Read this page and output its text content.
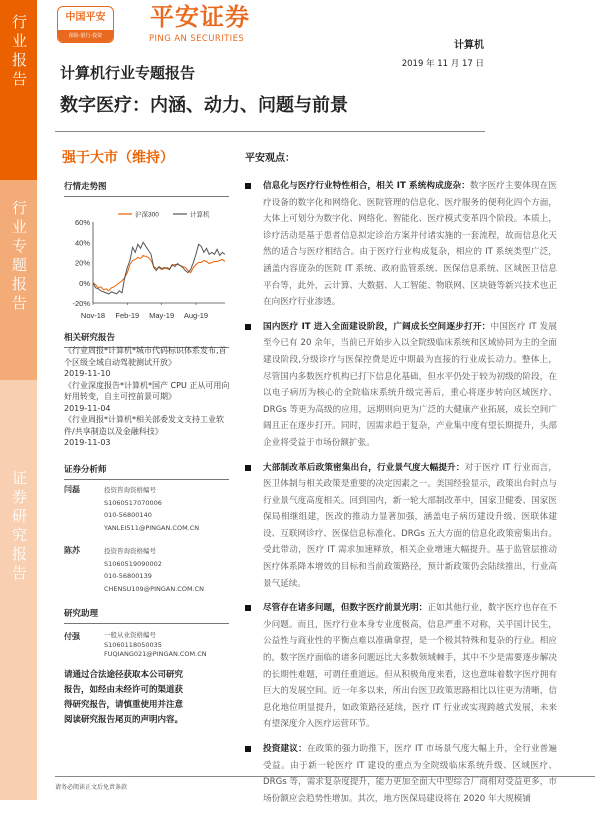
行业报告
行业专题报告
证券研究报告
中国平安
保险·银行·投资
平安证券
PING AN SECURITIES
计算机
2019 年 11 月 17 日
计算机行业专题报告
数字医疗：内涵、动力、问题与前景
强于大市（维持）
行情走势图
60%
40%
20%
0%
-20%
Nov-18 Feb-19 May-19 Aug-19
沪深300	计算机
相关研究报告
《行业周报*计算机*城市代码标识体系发布,首个区级全域自动驾驶测试开放》
2019-11-10
《行业深度报告*计算机*国产 CPU 正从可用向好用转变，自主可控前景可期》
2019-11-04
《行业周报*计算机*相关部委发文支持工业软件/共享制造以及金融科技》
2019-11-03
证券分析师
闫磊	投资咨询资格编号
S1060517070006
010-56800140
YANLEI511@PINGAN.COM.CN
陈苏	投资咨询资格编号
S1060519090002
010-56800139
CHENSU109@PINGAN.COM.CN
研究助理
付强	一般从业资格编号
S1060118050035
FUQIANG021@PINGAN.COM.CN
请通过合法途径获取本公司研究报告，如经由未经许可的渠道获得研究报告，请慎重使用并注意阅读研究报告尾页的声明内容。
请务必阅读正文后免责条款
平安观点：
信息化与医疗行业特性相合，相关 IT 系统构成庞杂：数字医疗主要体现在医疗设备的数字化和网络化、医院管理的信息化、医疗服务的便利化四个方面，大体上可划分为数字化、网络化、智能化、医疗模式变革四个阶段。本质上，诊疗活动是基于患者信息拟定诊治方案并付诸实施的一套流程，故而信息化天然的适合与医疗相结合。由于医疗行业构成复杂，相应的 IT 系统类型广泛，涵盖内容庞杂的医院 IT 系统、政府监管系统、医保信息系统、区域医卫信息平台等，此外，云计算、大数据、人工智能、物联网、区块链等新兴技术也正在向医疗行业渗透。
国内医疗 IT 进入全面建设阶段，广阔成长空间逐步打开：中国医疗 IT 发展至今已有 20 余年，当前已开始步入以全院级临床系统和区域协同为主的全面建设阶段,分级诊疗与医保控费是近中期最为直接的行业成长动力。整体上，尽管国内多数医疗机构已打下信息化基础，但水平仍处于较为初级的阶段，在以电子病历为核心的全院临床系统升级完善后，重心将逐步转向区域医疗、DRGs 等更为高级的应用，远期则向更为广泛的大健康产业拓展，成长空间广阔且正在逐步打开。同时，因需求趋于复杂，产业集中度有望长期提升，头部企业将受益于市场份额扩张。
大部制改革后政策密集出台，行业景气度大幅提升：对于医疗 IT 行业而言，医卫体制与相关政策是重要的决定因素之一。美国经验显示，政策出台时点与行业景气度高度相关。回到国内，新一轮大部制改革中，国家卫健委、国家医保局相继组建，医改的推动力显著加强，涵盖电子病历建设升级、医联体建设、互联网诊疗、医保信息标准化、DRGs 五大方面的信息化政策密集出台。受此带动，医疗 IT 需求加速释放，相关企业增速大幅提升。基于监管层推动医疗体系降本增效的目标和当前政策路径，预计新政策仍会陆续推出，行业高景气延续。
尽管存在诸多问题，但数字医疗前景光明：正如其他行业，数字医疗也存在不少问题。而且，医疗行业本身专业度极高，信息严重不对称，关乎国计民生，公益性与商业性的平衡点难以准确拿捏，是一个极其特殊和复杂的行业。相应的，数字医疗面临的诸多问题远比大多数领域棘手，其中不少是需要逐步解决的长期性难题，可谓任重道远。但从积极角度来看，这也意味着数字医疗拥有巨大的发展空间。近一年多以来，所出台医卫政策思路相比以往更为清晰，信息化地位明显提升，如政策路径延续，医疗 IT 行业或实现跨越式发展，未来有望深度介入医疗运营环节。
投资建议：在政策的强力助推下，医疗 IT 市场景气度大幅上升，全行业普遍受益。由于新一轮医疗 IT 建设的重点为全院级临床系统升级、区域医疗、DRGs 等，需求复杂度提升，能力更加全面大中型综合厂商相对受益更多，市场份额应会趋势性增加。其次，地方医保局建设将在 2020 年大规模铺
